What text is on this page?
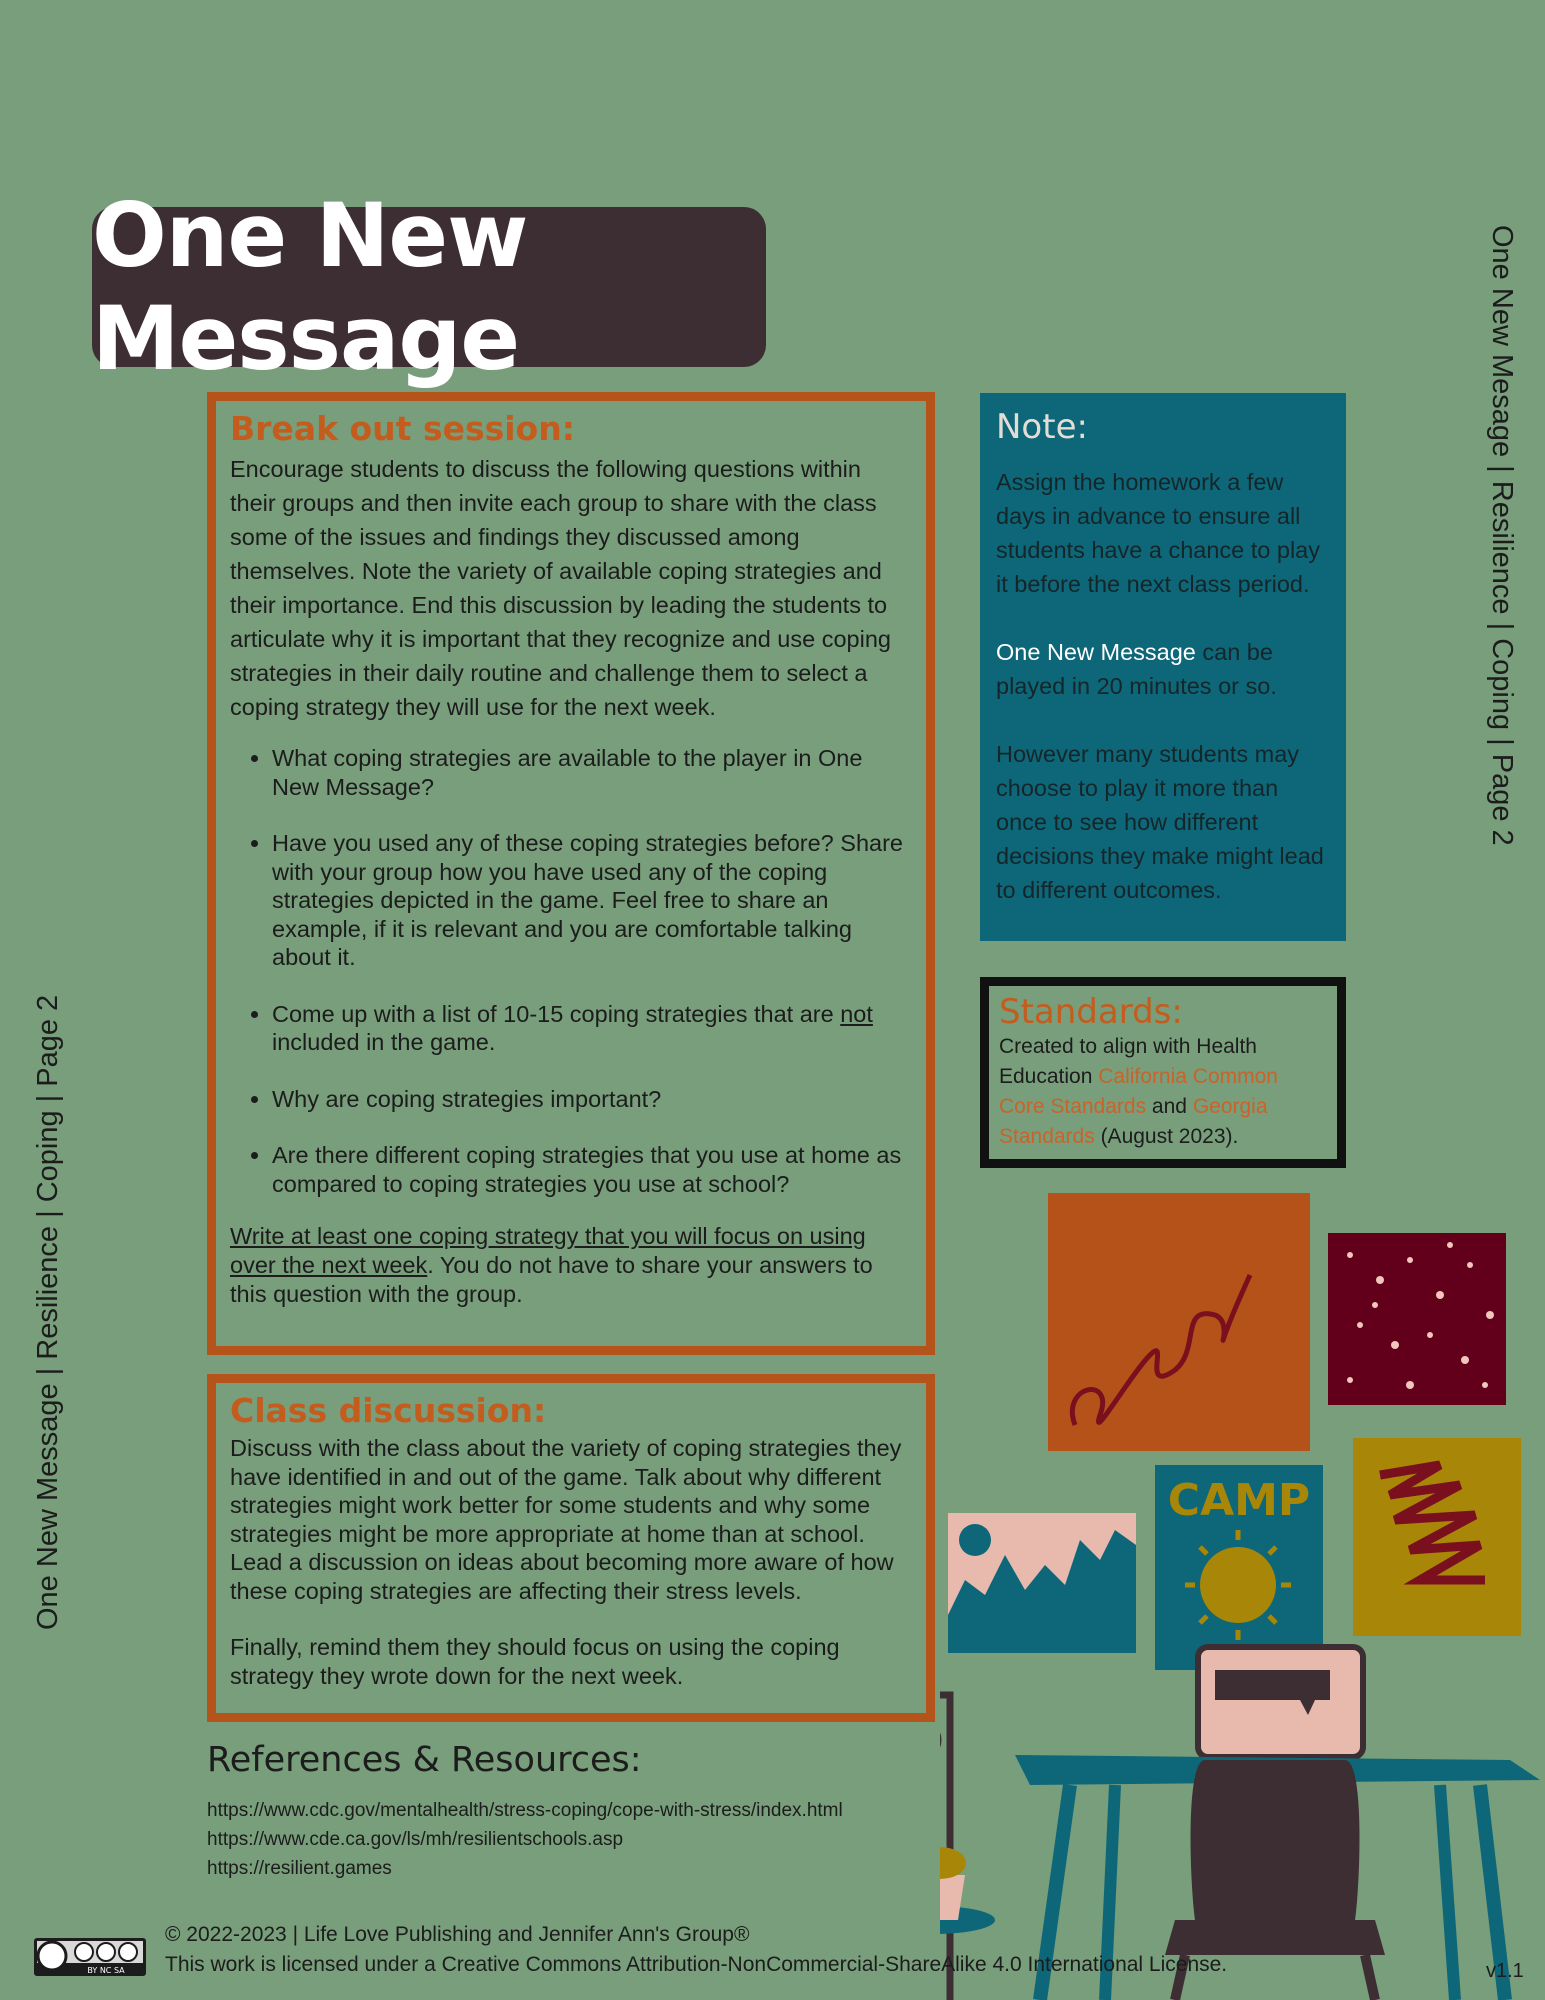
One New Message	One New Mesage | Resilience | Coping | Page 2
One New Message | Resilience | Coping | Page 2
Break out session:

Encourage students to discuss the following questions within their groups and then invite each group to share with the class some of the issues and findings they discussed among themselves. Note the variety of available coping strategies and their importance. End this discussion by leading the students to articulate why it is important that they recognize and use coping strategies in their daily routine and challenge them to select a coping strategy they will use for the next week.

• What coping strategies are available to the player in One New Message?
• Have you used any of these coping strategies before? Share with your group how you have used any of the coping strategies depicted in the game. Feel free to share an example, if it is relevant and you are comfortable talking about it.
• Come up with a list of 10-15 coping strategies that are not included in the game.
• Why are coping strategies important?
• Are there different coping strategies that you use at home as compared to coping strategies you use at school?

Write at least one coping strategy that you will focus on using over the next week. You do not have to share your answers to this question with the group.

Class discussion:

Discuss with the class about the variety of coping strategies they have identified in and out of the game. Talk about why different strategies might work better for some students and why some strategies might be more appropriate at home than at school. Lead a discussion on ideas about becoming more aware of how these coping strategies are affecting their stress levels.

Finally, remind them they should focus on using the coping strategy they wrote down for the next week.

Note:

Assign the homework a few days in advance to ensure all students have a chance to play it before the next class period.

One New Message can be played in 20 minutes or so.

However many students may choose to play it more than once to see how different decisions they make might lead to different outcomes.

Standards:

Created to align with Health Education California Common Core Standards and Georgia Standards (August 2023).

References & Resources:
https://www.cdc.gov/mentalhealth/stress-coping/cope-with-stress/index.html
https://www.cde.ca.gov/ls/mh/resilientschools.asp
https://resilient.games
CAMP
BY NC SA
© 2022-2023 | Life Love Publishing and Jennifer Ann's Group®
This work is licensed under a Creative Commons Attribution-NonCommercial-ShareAlike 4.0 International License.	v1.1
